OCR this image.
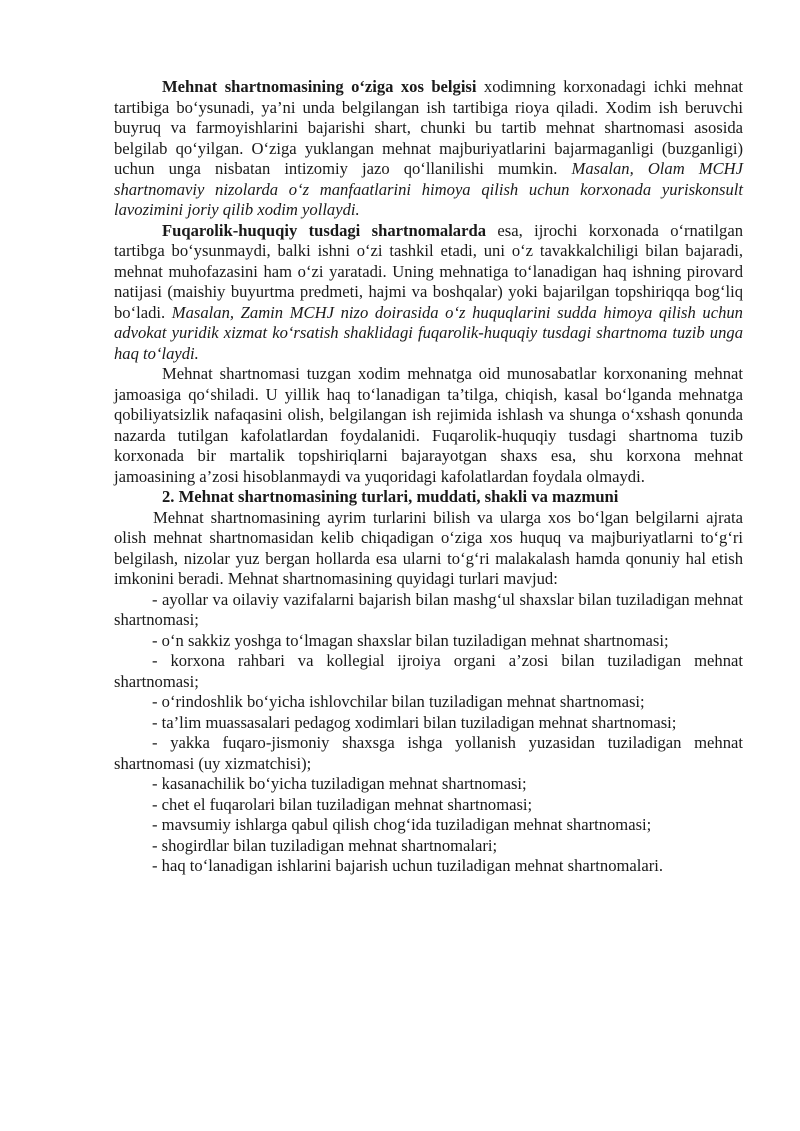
Mehnat shartnomasining o‘ziga xos belgisi xodimning korxonadagi ichki mehnat tartibiga bo‘ysunadi, ya’ni unda belgilangan ish tartibiga rioya qiladi. Xodim ish beruvchi buyruq va farmoyishlarini bajarishi shart, chunki bu tartib mehnat shartnomasi asosida belgilab qo‘yilgan. O‘ziga yuklangan mehnat majburiyatlarini bajarmaganligi (buzganligi) uchun unga nisbatan intizomiy jazo qo‘llanilishi mumkin. Masalan, Olam MCHJ shartnomaviy nizolarda o‘z manfaatlarini himoya qilish uchun korxonada yuriskonsult lavozimini joriy qilib xodim yollaydi.

Fuqarolik-huquqiy tusdagi shartnomalarda esa, ijrochi korxonada o‘rnatilgan tartibga bo‘ysunmaydi, balki ishni o‘zi tashkil etadi, uni o‘z tavakkalchiligi bilan bajaradi, mehnat muhofazasini ham o‘zi yaratadi. Uning mehnatiga to‘lanadigan haq ishning pirovard natijasi (maishiy buyurtma predmeti, hajmi va boshqalar) yoki bajarilgan topshiriqqa bog‘liq bo‘ladi. Masalan, Zamin MCHJ nizo doirasida o‘z huquqlarini sudda himoya qilish uchun advokat yuridik xizmat ko‘rsatish shaklidagi fuqarolik-huquqiy tusdagi shartnoma tuzib unga haq to‘laydi.

Mehnat shartnomasi tuzgan xodim mehnatga oid munosabatlar korxonaning mehnat jamoasiga qo‘shiladi. U yillik haq to‘lanadigan ta’tilga, chiqish, kasal bo‘lganda mehnatga qobiliyatsizlik nafaqasini olish, belgilangan ish rejimida ishlash va shunga o‘xshash qonunda nazarda tutilgan kafolatlardan foydalanidi. Fuqarolik-huquqiy tusdagi shartnoma tuzib korxonada bir martalik topshiriqlarni bajarayotgan shaxs esa, shu korxona mehnat jamoasining a’zosi hisoblanmaydi va yuqoridagi kafolatlardan foydala olmaydi.

2. Mehnat shartnomasining turlari, muddati, shakli va mazmuni

Mehnat shartnomasining ayrim turlarini bilish va ularga xos bo‘lgan belgilarni ajrata olish mehnat shartnomasidan kelib chiqadigan o‘ziga xos huquq va majburiyatlarni to‘g‘ri belgilash, nizolar yuz bergan hollarda esa ularni to‘g‘ri malakalash hamda qonuniy hal etish imkonini beradi. Mehnat shartnomasining quyidagi turlari mavjud:

- ayollar va oilaviy vazifalarni bajarish bilan mashg‘ul shaxslar bilan tuziladigan mehnat shartnomasi;

- o‘n sakkiz yoshga to‘lmagan shaxslar bilan tuziladigan mehnat shartnomasi;

- korxona rahbari va kollegial ijroiya organi a’zosi bilan tuziladigan mehnat shartnomasi;

- o‘rindoshlik bo‘yicha ishlovchilar bilan tuziladigan mehnat shartnomasi;

- ta’lim muassasalari pedagog xodimlari bilan tuziladigan mehnat shartnomasi;

- yakka fuqaro-jismoniy shaxsga ishga yollanish yuzasidan tuziladigan mehnat shartnomasi (uy xizmatchisi);

- kasanachilik bo‘yicha tuziladigan mehnat shartnomasi;

- chet el fuqarolari bilan tuziladigan mehnat shartnomasi;

- mavsumiy ishlarga qabul qilish chog‘ida tuziladigan mehnat shartnomasi;

- shogirdlar bilan tuziladigan mehnat shartnomalari;

- haq to‘lanadigan ishlarini bajarish uchun tuziladigan mehnat shartnomalari.
